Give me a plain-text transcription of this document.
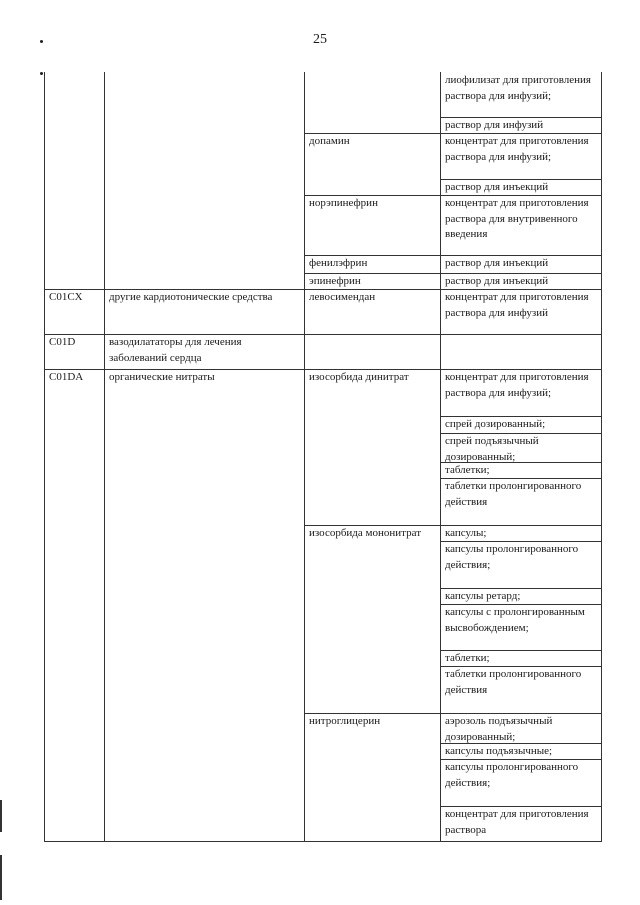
25
лиофилизат для приготовления раствора для инфузий;
раствор для инфузий
допамин	концентрат для приготовления раствора для инфузий;
раствор для инъекций
норэпинефрин	концентрат для приготовления раствора для внутривенного введения
фенилэфрин	раствор для инъекций
эпинефрин	раствор для инъекций
C01CX	другие кардиотонические средства	левосимендан	концентрат для приготовления раствора для инфузий
C01D	вазодилататоры для лечения заболеваний сердца
C01DA	органические нитраты	изосорбида динитрат	концентрат для приготовления раствора для инфузий;
спрей дозированный;
спрей подъязычный дозированный;
таблетки;
таблетки пролонгированного действия
изосорбида мононитрат	капсулы;
капсулы пролонгированного действия;
капсулы ретард;
капсулы с пролонгированным высвобождением;
таблетки;
таблетки пролонгированного действия
нитроглицерин	аэрозоль подъязычный дозированный;
капсулы подъязычные;
капсулы пролонгированного действия;
концентрат для приготовления раствора
